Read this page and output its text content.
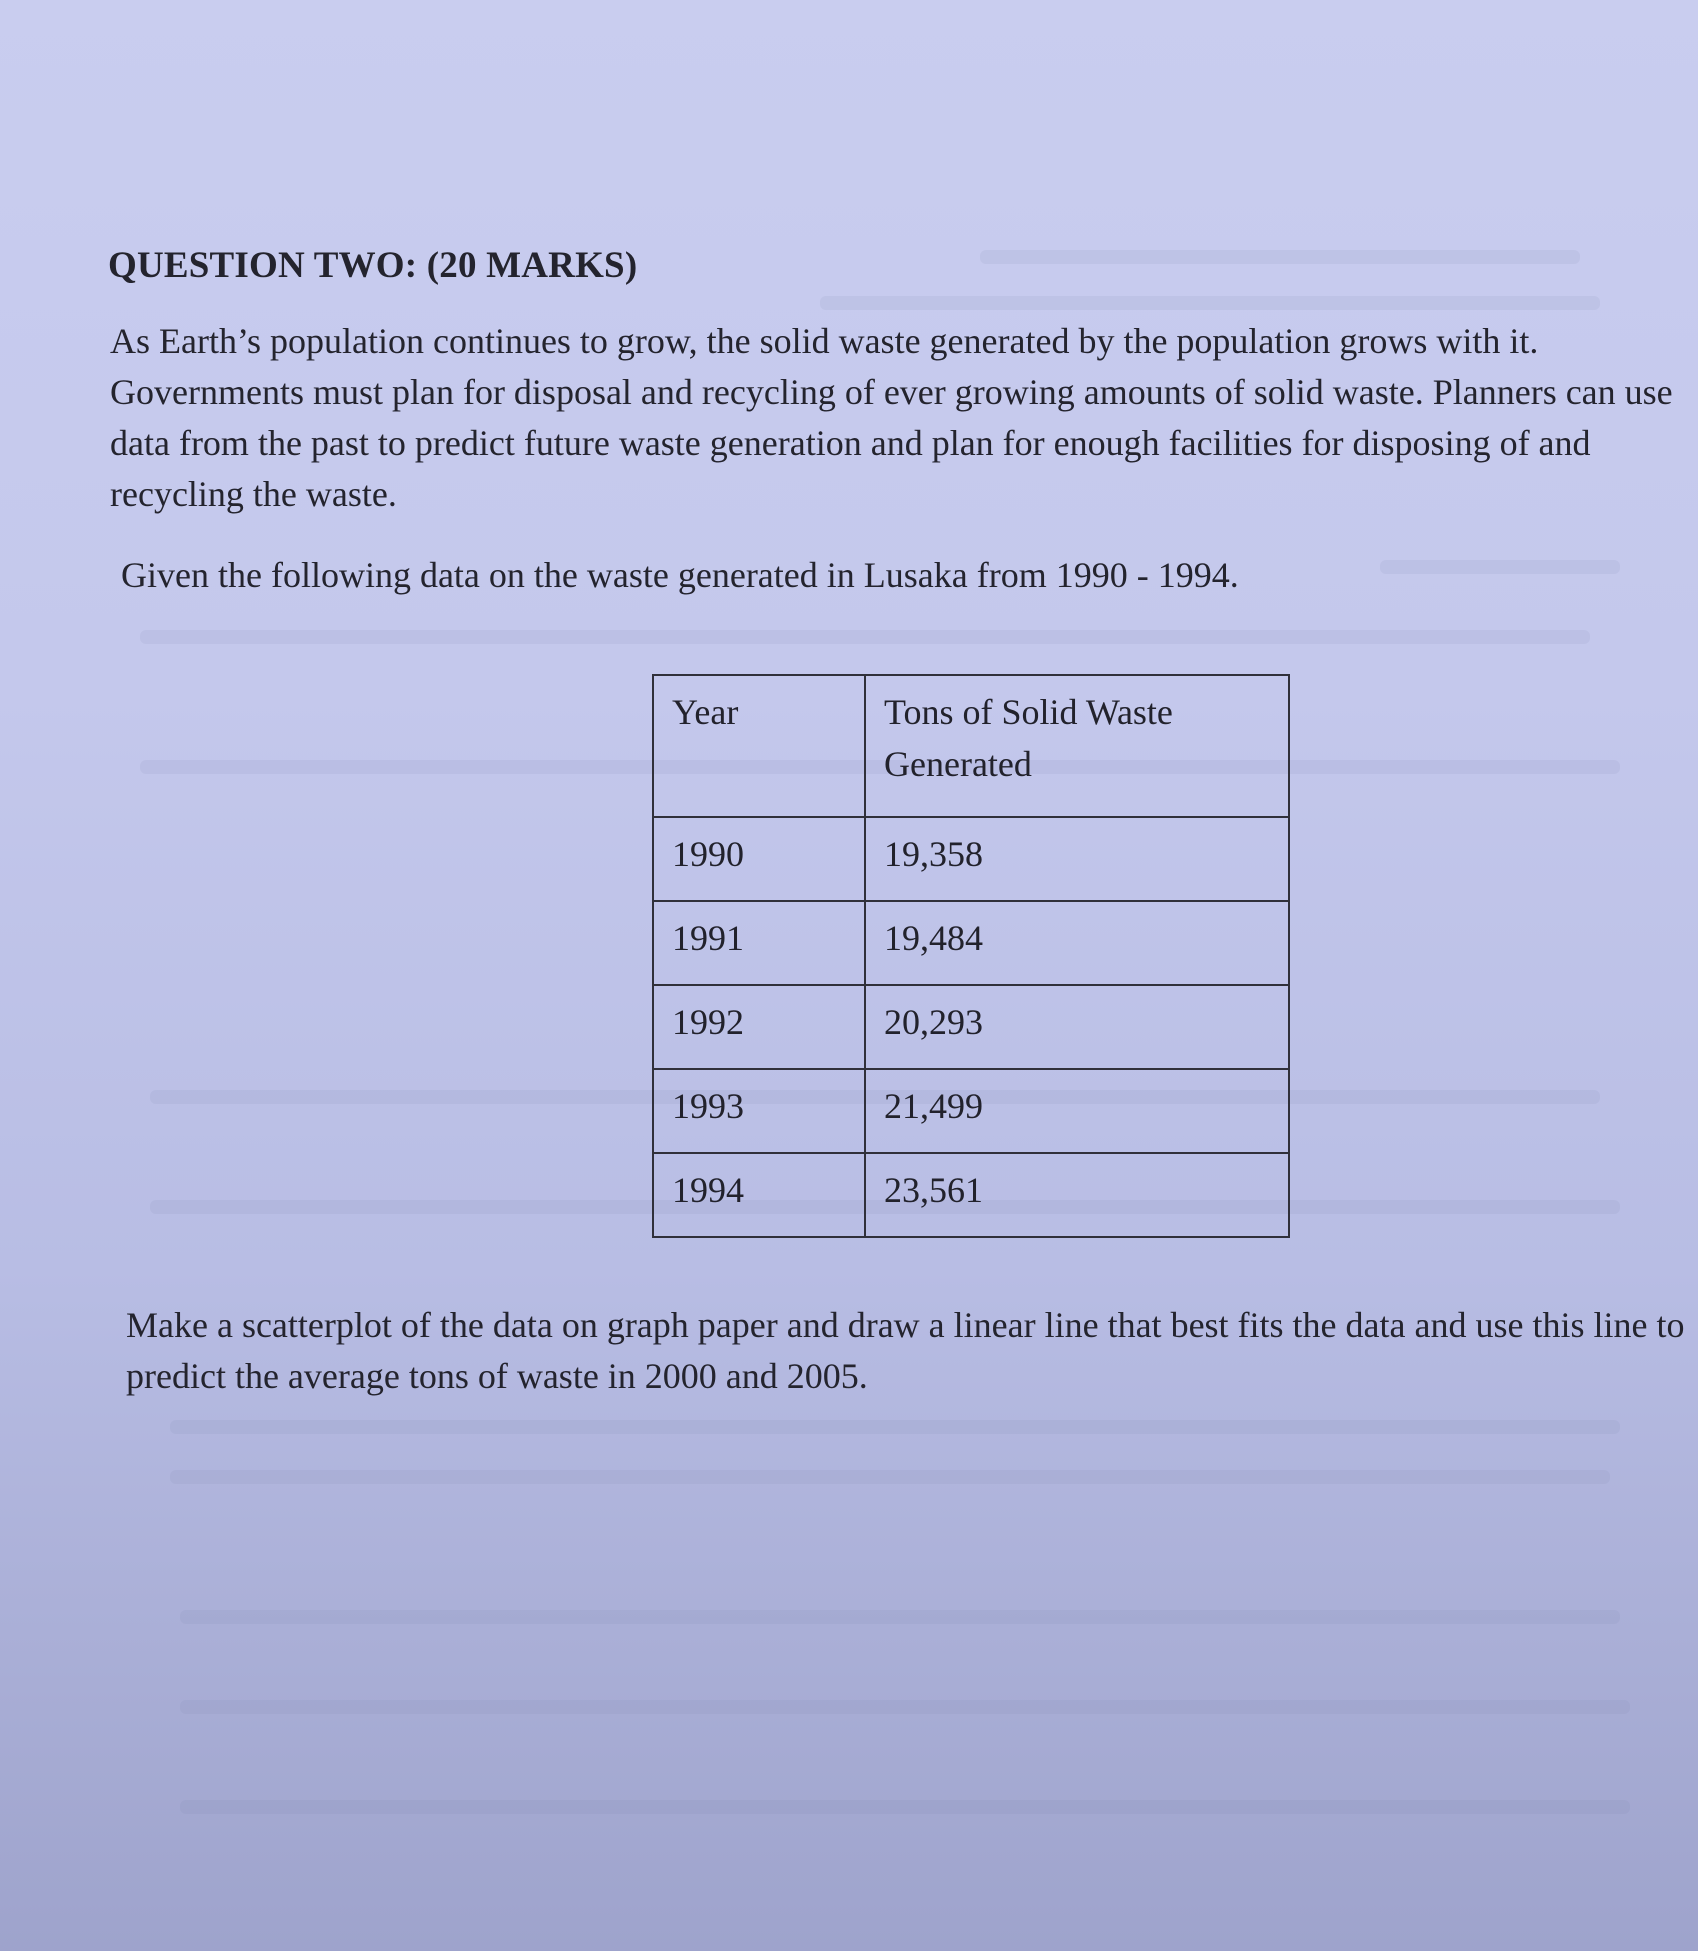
QUESTION TWO: (20 MARKS)

As Earth’s population continues to grow, the solid waste generated by the population grows with it. Governments must plan for disposal and recycling of ever growing amounts of solid waste. Planners can use data from the past to predict future waste generation and plan for enough facilities for disposing of and recycling the waste.

Given the following data on the waste generated in Lusaka from 1990 - 1994.

Year	Tons of Solid Waste Generated
1990	19,358
1991	19,484
1992	20,293
1993	21,499
1994	23,561

Make a scatterplot of the data on graph paper and draw a linear line that best fits the data and use this line to predict the average tons of waste in 2000 and 2005.
